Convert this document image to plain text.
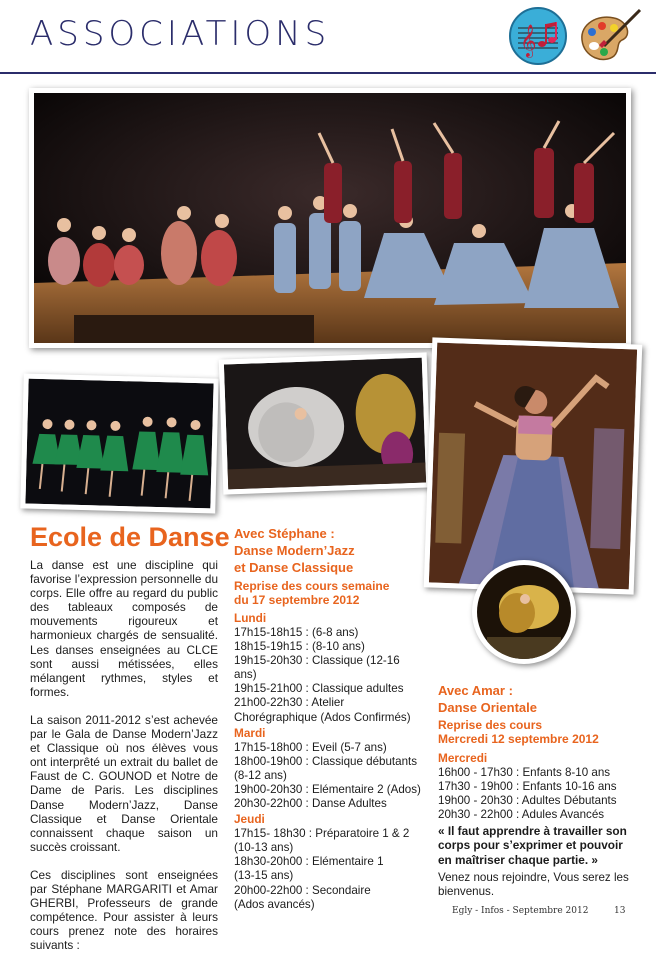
ASSOCIATIONS	𝄞
Ecole de Danse

La danse est une discipline qui favorise l’expression personnelle du corps. Elle offre au regard du public des tableaux composés de mouvements rigoureux et harmonieux chargés de sensualité. Les danses enseignées au CLCE sont aussi métissées, elles mélangent rythmes, styles et formes.

La saison 2011-2012 s’est achevée par le Gala de Danse Modern’Jazz et Classique où nos élèves vous ont interprêté un extrait du ballet de Faust de C. GOUNOD et Notre de Dame de Paris. Les disciplines Danse Modern’Jazz, Danse Classique et Danse Orientale connaissent chaque saison un succès croissant.

Ces disciplines sont enseignées par Stéphane MARGARITI et Amar GHERBI, Professeurs de grande compétence. Pour assister à leurs cours prenez note des horaires suivants :

Avec Stéphane :
Danse Modern’Jazz
et Danse Classique
Reprise des cours semaine
du 17 septembre 2012
Lundi
17h15-18h15 : (6-8 ans)
18h15-19h15 : (8-10 ans)
19h15-20h30 : Classique (12-16 ans)
19h15-21h00 : Classique adultes
21h00-22h30 : Atelier
Chorégraphique (Ados Confirmés)
Mardi
17h15-18h00 : Eveil (5-7 ans)
18h00-19h00 : Classique débutants
(8-12 ans)
19h00-20h30 : Elémentaire 2 (Ados)
20h30-22h00 : Danse Adultes
Jeudi
17h15- 18h30 : Préparatoire 1 & 2
(10-13 ans)
18h30-20h00 : Elémentaire 1
(13-15 ans)
20h00-22h00 : Secondaire
(Ados avancés)
Avec Amar :
Danse Orientale
Reprise des cours
Mercredi 12 septembre 2012
Mercredi
16h00 - 17h30 : Enfants 8-10 ans
17h30 - 19h00 : Enfants 10-16 ans
19h00 - 20h30 : Adultes Débutants
20h30 - 22h00 : Adules Avancés
« Il faut apprendre à travailler son corps pour s’exprimer et pouvoir en maîtriser chaque partie. »
Venez nous rejoindre, Vous serez les bienvenus.
Egly - Infos - Septembre 2012	13
